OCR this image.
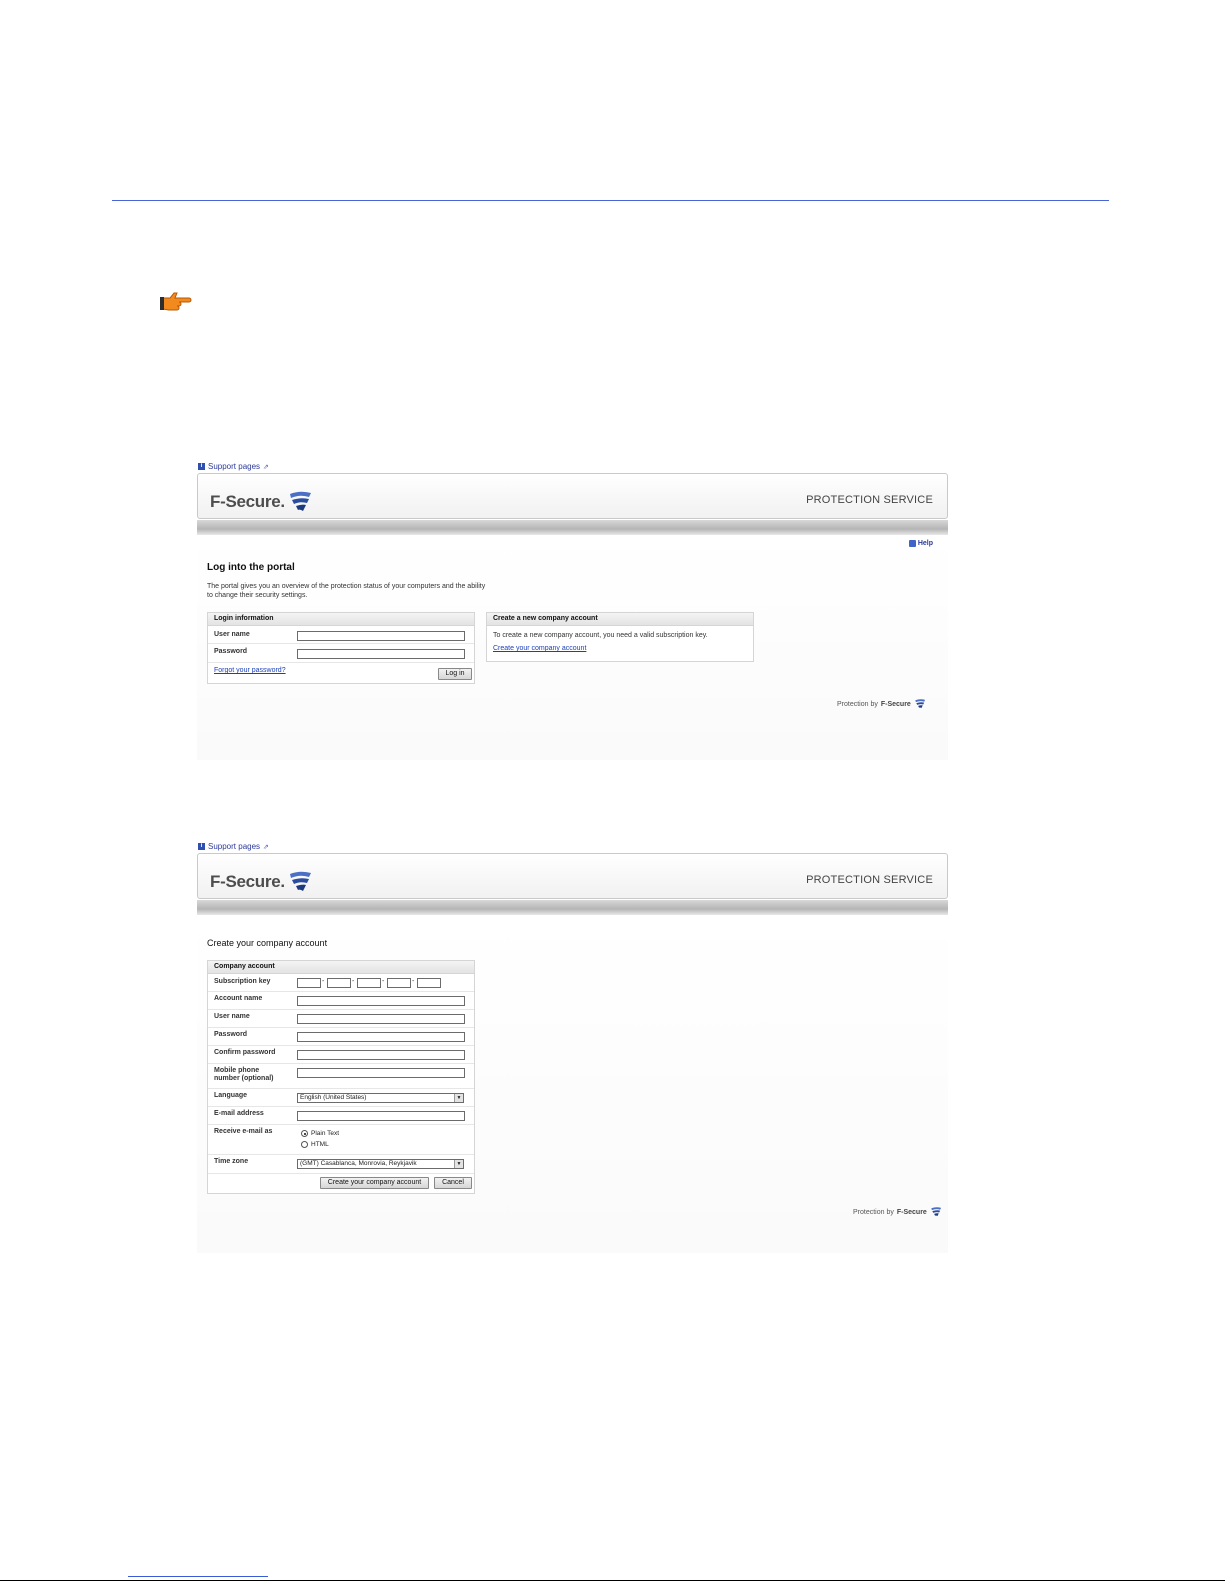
i Support pages ⇗
F-Secure.	PROTECTION SERVICE
Help
Log into the portal
The portal gives you an overview of the protection status of your computers and the ability to change their security settings.
Login information
User name
Password
Forgot your password?	Log in
Create a new company account
To create a new company account, you need a valid subscription key.
Create your company account
Protection by F-Secure
i Support pages ⇗
F-Secure.	PROTECTION SERVICE
Create your company account
Company account
Subscription key	-	-	-	-
Account name
User name
Password
Confirm password
Mobile phone number (optional)
Language	English (United States)	▼
E-mail address
Receive e-mail as	Plain Text
HTML
Time zone	(GMT) Casablanca, Monrovia, Reykjavik	▼
Create your company account	Cancel
Protection by F-Secure
